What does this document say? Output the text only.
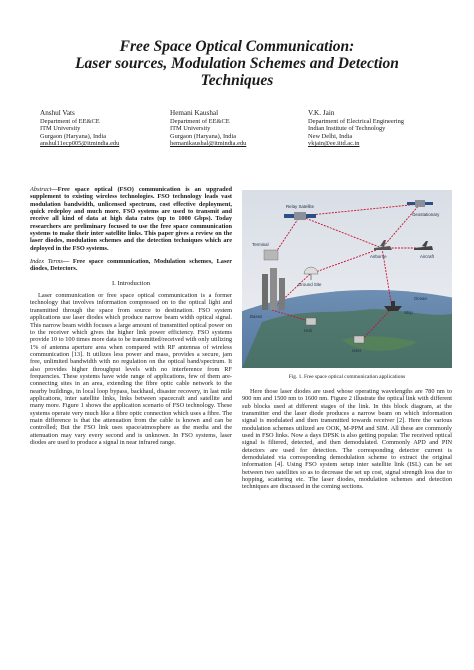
Free Space Optical Communication:
Laser sources, Modulation Schemes and Detection
Techniques
Anshul Vats
Department of EE&CE
ITM University
Gurgaon (Haryana), India
anshul11ecp005@itmindia.edu
Hemani Kaushal
Department of EE&CE
ITM University
Gurgaon (Haryana), India
hemanikaushal@itmindia.edu
V.K. Jain
Department of Electrical Engineering
Indian Institute of Technology
New Delhi, India
vkjain@ee.iitd.ac.in

Abstract—Free space optical (FSO) communication is an upgraded supplement to existing wireless technologies. FSO technology leads vast modulation bandwidth, unlicensed spectrum, cost effective deployment, quick redeploy and much more. FSO systems are used to transmit and receive all kind of data at high data rates (up to 1000 Gbps). Today researchers are preliminary focused to use the free space communication systems to make their inter satellite links. This paper gives a review on the laser diodes, modulation schemes and the detection techniques which are deployed in the FSO systems.

Index Terms— Free space communication, Modulation schemes, Laser diodes, Detectors.

I. Introduction

Laser communication or free space optical communication is a former technology that involves information compressed on to the optical light and transmitted through the space from source to destination. FSO system applications use laser diodes which produce narrow beam width optical signal. This narrow beam width focuses a large amount of transmitted optical power on to the receiver which gives the higher link power efficiency. FSO systems provide 10 to 100 times more data to be transmitted/received with only utilizing 1% of antenna aperture area when compared with RF antennas of wireless communication [13]. It utilizes less power and mass, provides a secure, jam free, unlimited bandwidth with no regulation on the optical band/spectrum. It also provides higher throughput levels with no interference from RF frequencies. These systems have wide range of applications, few of them are- connecting sites in an area, extending the fibre optic cable network to the nearby buildings, in local loop bypass, backhaul, disaster recovery, in last mile applications, inter satellite links, links between spacecraft and satellite and many more. Figure 1 shows the application scenario of FSO technology. These systems operate very much like a fibre optic connection which uses a fibre. The main difference is that the attenuation from the cable is known and can be controlled; But the FSO link uses space/atmosphere as the media and the attenuation may vary every second and is unknown. In FSO systems, laser diodes are used to produce a signal in near infrared range.

Geostationary
Relay Satellite
Terminal
Bases
Aircraft
Airborne
Ground Site
Ocean
Ship
User
Hub
Fig. 1. Free space optical communication applications

Here those laser diodes are used whose operating wavelengths are 780 nm to 900 nm and 1500 nm to 1600 nm. Figure 2 illustrate the optical link with different sub blocks used at different stages of the link. In this block diagram, at the transmitter end the laser diode produces a narrow beam on which information signal is modulated and then transmitted towards receiver [2]. Here the various modulation schemes utilized are OOK, M-PPM and SIM. All these are commonly used in FSO links. Now a days DPSK is also getting popular. The received optical signal is filtered, detected, and then demodulated. Commonly APD and PIN detectors are used for detection. The corresponding detector current is demodulated via corresponding demodulation scheme to extract the original information [4]. Using FSO system setup inter satellite link (ISL) can be set between two satellites so as to decrease the set up cost, signal strength loss due to hopping, scattering etc. The laser diodes, modulation schemes and detection techniques are discussed in the coming sections.
